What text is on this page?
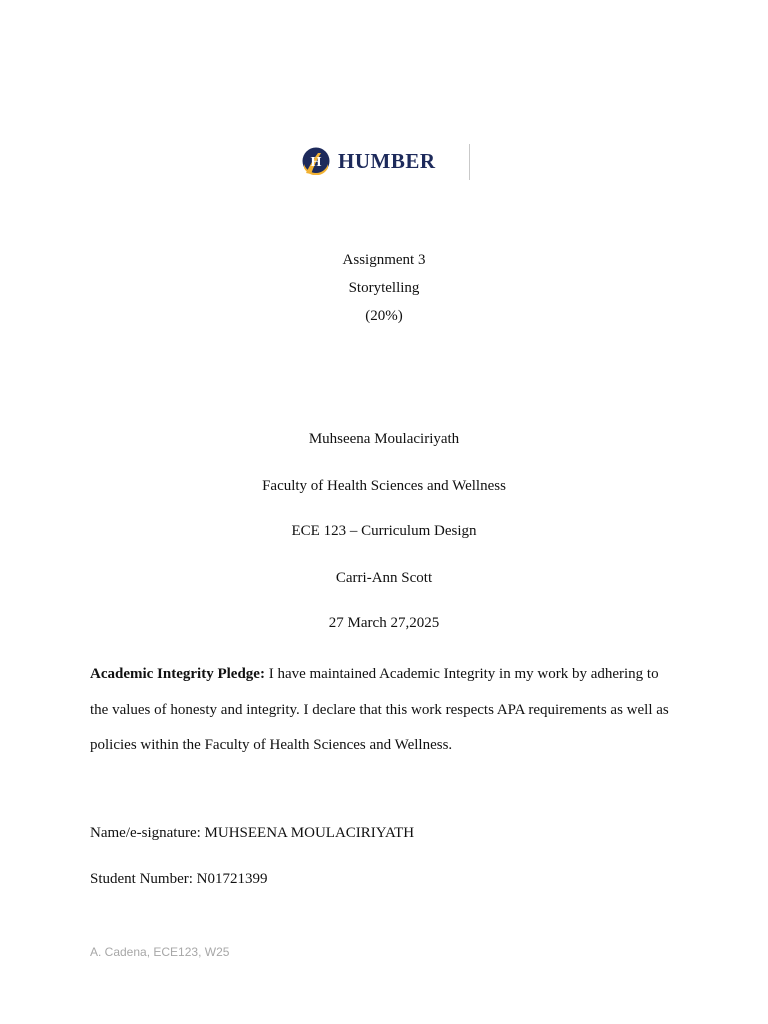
H HUMBER
Assignment 3
Storytelling
(20%)
Muhseena Moulaciriyath
Faculty of Health Sciences and Wellness
ECE 123 – Curriculum Design
Carri-Ann Scott
27 March 27,2025
Academic Integrity Pledge: I have maintained Academic Integrity in my work by adhering to the values of honesty and integrity. I declare that this work respects APA requirements as well as policies within the Faculty of Health Sciences and Wellness.
Name/e-signature: MUHSEENA MOULACIRIYATH
Student Number: N01721399
A. Cadena, ECE123, W25
